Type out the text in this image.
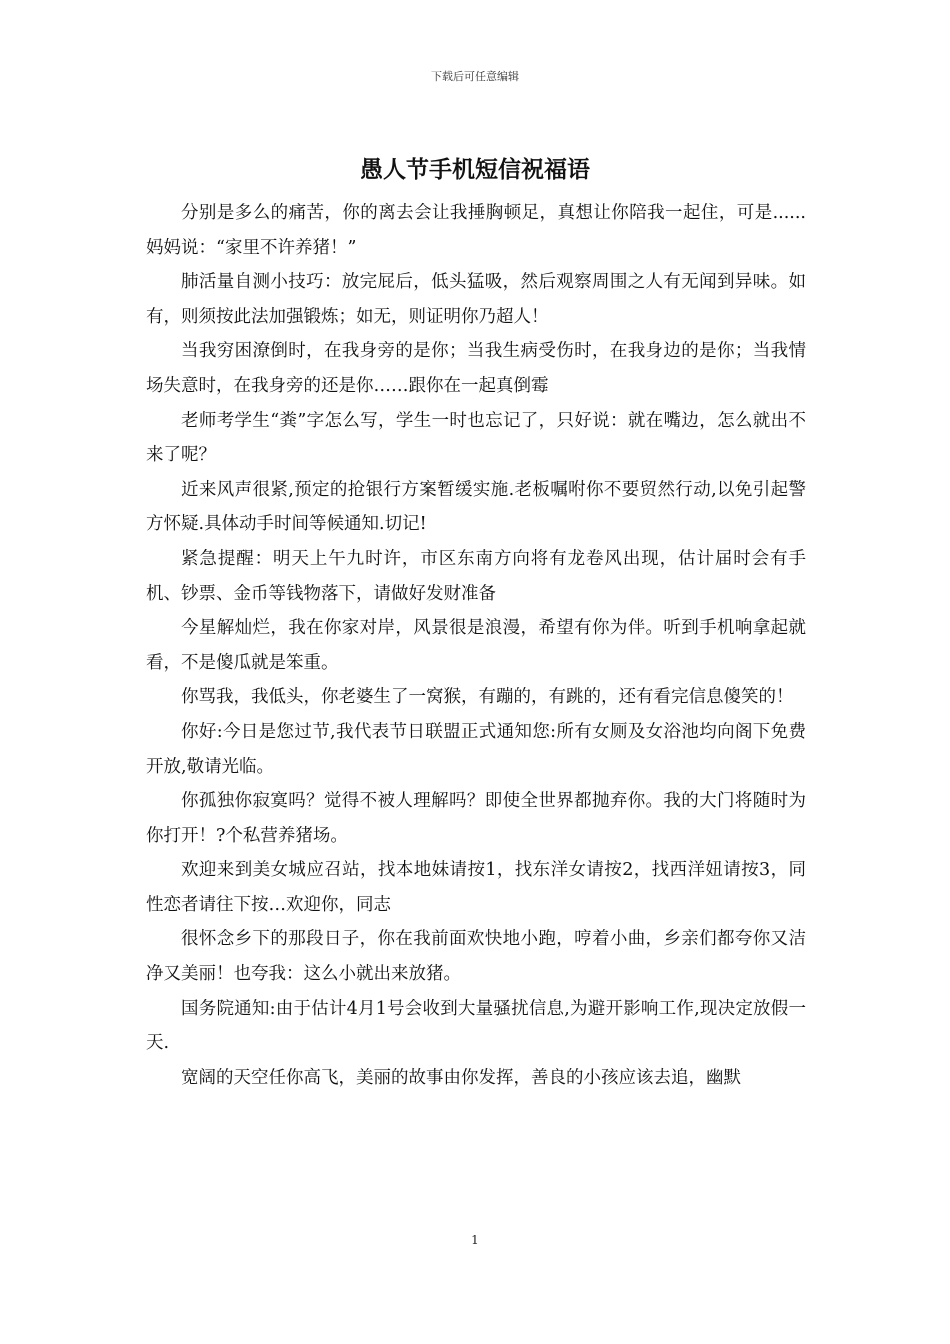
下载后可任意编辑
愚人节手机短信祝福语

分别是多么的痛苦，你的离去会让我捶胸顿足，真想让你陪我一起住，可是......妈妈说：“家里不许养猪！”

肺活量自测小技巧：放完屁后，低头猛吸，然后观察周围之人有无闻到异味。如有，则须按此法加强锻炼；如无，则证明你乃超人！

当我穷困潦倒时，在我身旁的是你；当我生病受伤时，在我身边的是你；当我情场失意时，在我身旁的还是你……跟你在一起真倒霉

老师考学生“粪”字怎么写，学生一时也忘记了，只好说：就在嘴边，怎么就出不来了呢？

近来风声很紧,预定的抢银行方案暂缓实施.老板嘱咐你不要贸然行动,以免引起警方怀疑.具体动手时间等候通知.切记!

紧急提醒：明天上午九时许，市区东南方向将有龙卷风出现，估计届时会有手机、钞票、金币等钱物落下，请做好发财准备

今星解灿烂，我在你家对岸，风景很是浪漫，希望有你为伴。听到手机响拿起就看，不是傻瓜就是笨重。

你骂我，我低头，你老婆生了一窝猴，有蹦的，有跳的，还有看完信息傻笑的！

你好:今日是您过节,我代表节日联盟正式通知您:所有女厕及女浴池均向阁下免费开放,敬请光临。

你孤独你寂寞吗？觉得不被人理解吗？即使全世界都抛弃你。我的大门将随时为你打开！?个私营养猪场。

欢迎来到美女城应召站，找本地妹请按1，找东洋女请按2，找西洋妞请按3，同性恋者请往下按…欢迎你，同志

很怀念乡下的那段日子，你在我前面欢快地小跑，哼着小曲，乡亲们都夸你又洁净又美丽！也夸我：这么小就出来放猪。

国务院通知:由于估计4月1号会收到大量骚扰信息,为避开影响工作,现决定放假一天.

宽阔的天空任你高飞，美丽的故事由你发挥，善良的小孩应该去追，幽默

1
